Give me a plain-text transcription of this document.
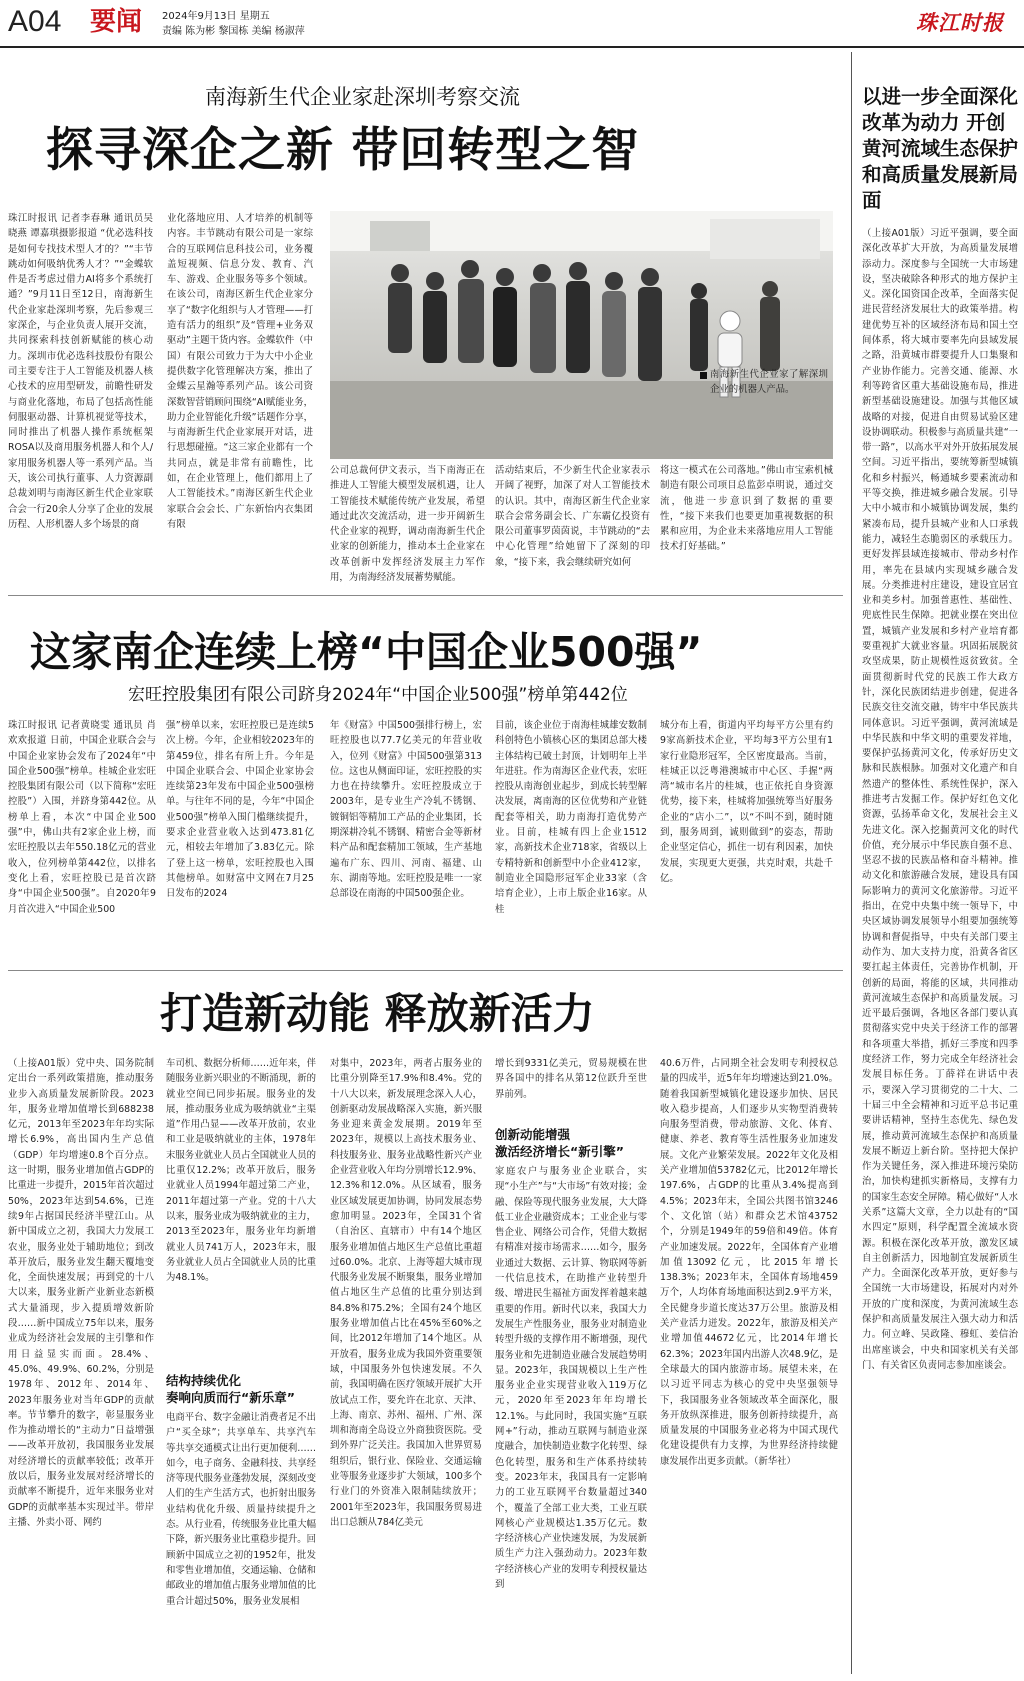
A04 要闻 2024年9月13日 星期五
责编 陈为彬 黎国栋 美编 杨淑萍	珠江时报
南海新生代企业家赴深圳考察交流
探寻深企之新 带回转型之智
珠江时报讯 记者李春琳 通讯员吴晓燕 谭嘉琪摄影报道 “优必选科技是如何专找技术型人才的？”“丰节跳动如何吸纳优秀人才？”“金蝶软件是否考虑过借力AI将多个系统打通？”9月11日至12日，南海新生代企业家赴深圳考察，先后参观三家深企，与企业负责人展开交流，共同探索科技创新赋能的核心动力。深圳市优必选科技股份有限公司主要专注于人工智能及机器人核心技术的应用型研发，前瞻性研发与商业化落地，布局了包括高性能伺服驱动器、计算机视觉等技术，同时推出了机器人操作系统框架 ROSA以及商用服务机器人和个人/家用服务机器人等一系列产品。当天，该公司执行董事、人力资源副总裁刘明与南海区新生代企业家联合会一行20余人分享了企业的发展历程、人形机器人多个场景的商
业化落地应用、人才培养的机制等内容。丰节跳动有限公司是一家综合的互联网信息科技公司，业务覆盖短视频、信息分发、教育、汽车、游戏、企业服务等多个领域。在该公司，南海区新生代企业家分享了“数字化组织与人才管理——打造有活力的组织”及“管理+业务双驱动”主题干货内容。金蝶软件（中国）有限公司致力于为大中小企业提供数字化管理解决方案，推出了金蝶云星瀚等系列产品。该公司资深数智营销顾问围绕“AI赋能业务，助力企业智能化升级”话题作分享，与南海新生代企业家展开对话，进行思想碰撞。“这三家企业都有一个共同点，就是非常有前瞻性，比如，在企业管理上，他们都用上了人工智能技术。”南海区新生代企业家联合会会长、广东新怡内衣集团有限
南海新生代企业家了解深圳企业的机器人产品。
公司总裁何伊文表示，当下南海正在推进人工智能大模型发展机遇，让人工智能技术赋能传统产业发展，希望通过此次交流活动，进一步开阔新生代企业家的视野，调动南海新生代企业家的创新能力，推动本土企业家在改革创新中发挥经济发展主力军作用，为南海经济发展蓄势赋能。
活动结束后，不少新生代企业家表示开阔了视野，加深了对人工智能技术的认识。其中，南海区新生代企业家联合会常务副会长、广东霸亿投资有限公司董事罗茵茵说，丰节跳动的“去中心化管理”给她留下了深刻的印象，“接下来，我会继续研究如何
将这一模式在公司落地。”佛山市宝索机械制造有限公司项目总监彭卓明说，通过交流，他进一步意识到了数据的重要性，“接下来我们也要更加重视数据的积累和应用，为企业未来落地应用人工智能技术打好基础。”
这家南企连续上榜“中国企业500强”
宏旺控股集团有限公司跻身2024年“中国企业500强”榜单第442位
珠江时报讯 记者黄晓雯 通讯员 肖欢欢报道 日前，中国企业联合会与中国企业家协会发布了2024年“中国企业500强”榜单。桂城企业宏旺控股集团有限公司（以下简称“宏旺控股”）入围，并跻身第442位。从榜单上看，本次“中国企业500强”中，佛山共有2家企业上榜，而宏旺控股以去年550.18亿元的营业收入，位列榜单第442位，以排名变化上看，宏旺控股已是首次跻身“中国企业500强”。自2020年9月首次进入“中国企业500
强”榜单以来，宏旺控股已是连续5次上榜。今年，企业相较2023年的第459位，排名有所上升。今年是中国企业联合会、中国企业家协会连续第23年发布中国企业500强榜单。与往年不同的是，今年“中国企业500强”榜单入围门槛继续提升，要求企业营业收入达到473.81亿元，相较去年增加了3.83亿元。除了登上这一榜单，宏旺控股也入围其他榜单。如财富中文网在7月25日发布的2024
年《财富》中国500强排行榜上，宏旺控股也以77.7亿美元的年营业收入，位列《财富》中国500强第313位。这也从侧面印证，宏旺控股的实力也在持续攀升。宏旺控股成立于2003年，是专业生产冷轧不锈钢、镀铜铝等精加工产品的企业集团，长期深耕冷轧不锈钢、精密合金等新材料产品和配套精加工领域，生产基地遍布广东、四川、河南、福建、山东、湖南等地。宏旺控股是唯一一家总部设在南海的中国500强企业。
目前，该企业位于南海桂城雄安数制科创特色小镇核心区的集团总部大楼主体结构已破土封顶，计划明年上半年进驻。作为南海区企业代表，宏旺控股从南海创业起步，到成长转型解决发展，离南海的区位优势和产业链配套等相关，助力南海打造优势产业。目前，桂城有四上企业1512家，高新技术企业718家，省级以上专精特新和创新型中小企业412家，制造业全国隐形冠军企业33家（含培育企业），上市上版企业16家。从桂
城分布上看，街道内平均每平方公里有约9家高新技术企业，平均每3平方公里有1家行业隐形冠军，全区密度最高。当前，桂城正以泛粤港澳城市中心区、手握“两湾“城市名片的桂城，也正依托自身资源优势，接下来，桂城将加强统筹当好服务企业的“店小二”，以“不叫不到，随时随到，服务周到，诚则做到”的姿态，帮助企业坚定信心，抓住一切有利因素，加快发展，实现更大更强，共克时艰，共赴千亿。
打造新动能 释放新活力
（上接A01版）党中央、国务院制定出台一系列政策措施，推动服务业步入高质量发展新阶段。2023年，服务业增加值增长到688238亿元，2013年至2023年年均实际增长6.9%，高出国内生产总值（GDP）年均增速0.8个百分点。这一时期，服务业增加值占GDP的比重进一步提升，2015年首次超过50%，2023年达到54.6%，已连续9年占据国民经济半壁江山。从新中国成立之初，我国大力发展工农业，服务业处于辅助地位；到改革开放后，服务业发生翻天覆地变化，全面快速发展；再到党的十八大以来，服务业新产业新业态新模式大量涌现，步入提质增效新阶段……新中国成立75年以来，服务业成为经济社会发展的主引擎和作用日益显实而面。28.4%、45.0%、49.9%、60.2%，分别是1978年、2012年、2014年、2023年服务业对当年GDP的贡献率。节节攀升的数字，彰显服务业作为推动增长的“主动力”日益增强——改革开放初，我国服务业发展对经济增长的贡献率较低；改革开放以后，服务业发展对经济增长的贡献率不断提升，近年来服务业对GDP的贡献率基本实现过半。带岸主播、外卖小哥、网约
车司机、数据分析师……近年来，伴随服务业新兴职业的不断涌现，新的就业空间已同步拓展。服务业的发展，推动服务业成为吸纳就业“主渠道”作用凸显——改革开放前，农业和工业是吸纳就业的主体，1978年末服务业就业人员占全国就业人员的比重仅12.2%；改革开放后，服务业就业人员1994年超过第二产业，2011年超过第一产业。党的十八大以来，服务业成为吸纳就业的主力，2013至2023年，服务业年均新增就业人员741万人，2023年末，服务业就业人员占全国就业人员的比重为48.1%。
结构持续优化
奏响向质而行“新乐章”
电商平台、数字金融让消费者足不出户“买全球”；共享单车、共享汽车等共享交通模式让出行更加便利……如今，电子商务、金融科技、共享经济等现代服务业蓬勃发展，深刻改变人们的生产生活方式，也折射出服务业结构优化升级、质量持续提升之态。从行业看，传统服务业比重大幅下降，新兴服务业比重稳步提升。回顾新中国成立之初的1952年，批发和零售业增加值，交通运输、仓储和邮政业的增加值占服务业增加值的比重合计超过50%，服务业发展相
对集中，2023年，两者占服务业的比重分别降至17.9%和8.4%。党的十八大以来，新发展理念深入人心，创新驱动发展战略深入实施，新兴服务业迎来黄金发展期。2019年至2023年，规模以上高技术服务业、科技服务业、服务业战略性新兴产业企业营业收入年均分别增长12.9%、12.3%和12.0%。从区域看，服务业区域发展更加协调，协同发展态势愈加明显。2023年，全国31个省（自治区、直辖市）中有14个地区服务业增加值占地区生产总值比重超过60.0%。北京、上海等超大城市现代服务业发展不断聚集，服务业增加值占地区生产总值的比重分别达到84.8%和75.2%；全国有24个地区服务业增加值占比在45%至60%之间，比2012年增加了14个地区。从开放看，服务业成为我国外资重要领域，中国服务外包快速发展。不久前，我国明确在医疗领域开展扩大开放试点工作，要允许在北京、天津、上海、南京、苏州、福州、广州、深圳和海南全岛设立外商独资医院。受到外界广泛关注。我国加入世界贸易组织后，银行业、保险业、交通运输业等服务业逐步扩大领域，100多个行业门的外资准入限制陆续放开；2001年至2023年，我国服务贸易进出口总额从784亿美元
增长到9331亿美元，贸易规模在世界各国中的排名从第12位跃升至世界前列。
创新动能增强
激活经济增长“新引擎”
家庭农户与服务业企业联合，实现“小生产”与“大市场”有效对接；金融、保险等现代服务业发展，大大降低工业企业融资成本；工业企业与零售企业、网络公司合作，凭借大数据有精准对接市场需求……如今，服务业通过大数据、云计算、物联网等新一代信息技术，在助推产业转型升级、增进民生福祉方面发挥着越来越重要的作用。新时代以来，我国大力发展生产性服务业，服务业对制造业转型升级的支撑作用不断增强，现代服务业和先进制造业融合发展趋势明显。2023年，我国规模以上生产性服务业企业实现营业收入119万亿元，2020年至2023年年均增长12.1%。与此同时，我国实施“互联网+”行动，推动互联网与制造业深度融合，加快制造业数字化转型、绿色化转型，服务和生产体系持续转变。2023年末，我国具有一定影响力的工业互联网平台数量超过340个，覆盖了全部工业大类，工业互联网核心产业规模达1.35万亿元。数字经济核心产业快速发展，为发展新质生产力注入强劲动力。2023年数字经济核心产业的发明专利授权量达到
40.6万件，占同期全社会发明专利授权总量的四成半，近5年年均增速达到21.0%。随着我国新型城镇化建设逐步加快、居民收入稳步提高，人们逐步从实物型消费转向服务型消费，带动旅游、文化、体育、健康、养老、教育等生活性服务业加速发展。文化产业繁荣发展。2022年文化及相关产业增加值53782亿元，比2012年增长197.6%，占GDP的比重从3.4%提高到4.5%；2023年末，全国公共图书馆3246个、文化馆（站）和群众艺术馆43752个，分别是1949年的59倍和49倍。体育产业加速发展。2022年，全国体育产业增加值13092亿元，比2015年增长138.3%；2023年末，全国体育场地459万个，人均体育场地面积达到2.9平方米，全民健身步道长度达37万公里。旅游及相关产业活力迸发。2022年，旅游及相关产业增加值44672亿元，比2014年增长62.3%；2023年国内出游人次48.9亿，是全球最大的国内旅游市场。展望未来，在以习近平同志为核心的党中央坚强领导下，我国服务业各领域改革全面深化，服务开放纵深推进，服务创新持续提升，高质量发展的中国服务业必将为中国式现代化建设提供有力支撑，为世界经济持续健康发展作出更多贡献。（新华社）
以进一步全面深化改革为动力 开创黄河流域生态保护和高质量发展新局面
（上接A01版）习近平强调，要全面深化改革扩大开放，为高质量发展增添动力。深度参与全国统一大市场建设，坚决破除各种形式的地方保护主义。深化国资国企改革，全面落实促进民营经济发展壮大的政策举措。构建优势互补的区域经济布局和国土空间体系，将大城市要率先向县域发展之路，沿黄城市群要提升人口集聚和产业协作能力。完善交通、能源、水利等跨省区重大基础设施布局，推进新型基础设施建设。加强与其他区域战略的对接，促进自由贸易试验区建设协调联动。积极参与高质量共建“一带一路”，以高水平对外开放拓展发展空间。习近平指出，要统筹新型城镇化和乡村振兴，畅通城乡要素流动和平等交换，推进城乡融合发展。引导大中小城市和小城镇协调发展，集约紧凑布局，提升县城产业和人口承载能力，减轻生态脆弱区的承载压力。更好发挥县域连接城市、带动乡村作用，率先在县域内实现城乡融合发展。分类推进村庄建设，建设宜居宜业和美乡村。加强普惠性、基础性、兜底性民生保障。把就业摆在突出位置，城镇产业发展和乡村产业培育都要重视扩大就业容量。巩固拓展脱贫攻坚成果，防止规模性返贫致贫。全面贯彻新时代党的民族工作大政方针，深化民族团结进步创建，促进各民族交往交流交融，铸牢中华民族共同体意识。习近平强调，黄河流域是中华民族和中华文明的重要发祥地，要保护弘扬黄河文化，传承好历史文脉和民族根脉。加强对文化遗产和自然遗产的整体性、系统性保护，深入推进考古发掘工作。保护好红色文化资源，弘扬革命文化，发展社会主义先进文化。深入挖掘黄河文化的时代价值，充分展示中华民族自强不息、坚忍不拔的民族品格和奋斗精神。推动文化和旅游融合发展，建设具有国际影响力的黄河文化旅游带。习近平指出，在党中央集中统一领导下，中央区域协调发展领导小组要加强统筹协调和督促指导，中央有关部门要主动作为、加大支持力度，沿黄各省区要扛起主体责任，完善协作机制，开创新的局面，将能的区域，共同推动黄河流域生态保护和高质量发展。习近平最后强调，各地区各部门要认真贯彻落实党中央关于经济工作的部署和各项重大举措，抓好三季度和四季度经济工作，努力完成全年经济社会发展目标任务。丁薛祥在讲话中表示，要深入学习贯彻党的二十大、二十届三中全会精神和习近平总书记重要讲话精神，坚持生态优先、绿色发展，推动黄河流域生态保护和高质量发展不断迈上新台阶。坚持把大保护作为关键任务，深入推进环境污染防治，加快构建抓实新格局，支撑有力的国家生态安全屏障。精心做好“人水关系”这篇大文章，全力以赴有的“国水四定”原则，科学配置全流域水资源。积极在深化改革开放，激发区域自主创新活力，因地制宜发展新质生产力。全面深化改革开放，更好参与全国统一大市场建设，拓展对内对外开放的广度和深度，为黄河流域生态保护和高质量发展注入强大动力和活力。何立峰、吴政隆、穆虹、姜信治出席座谈会，中央和国家机关有关部门、有关省区负责同志参加座谈会。
